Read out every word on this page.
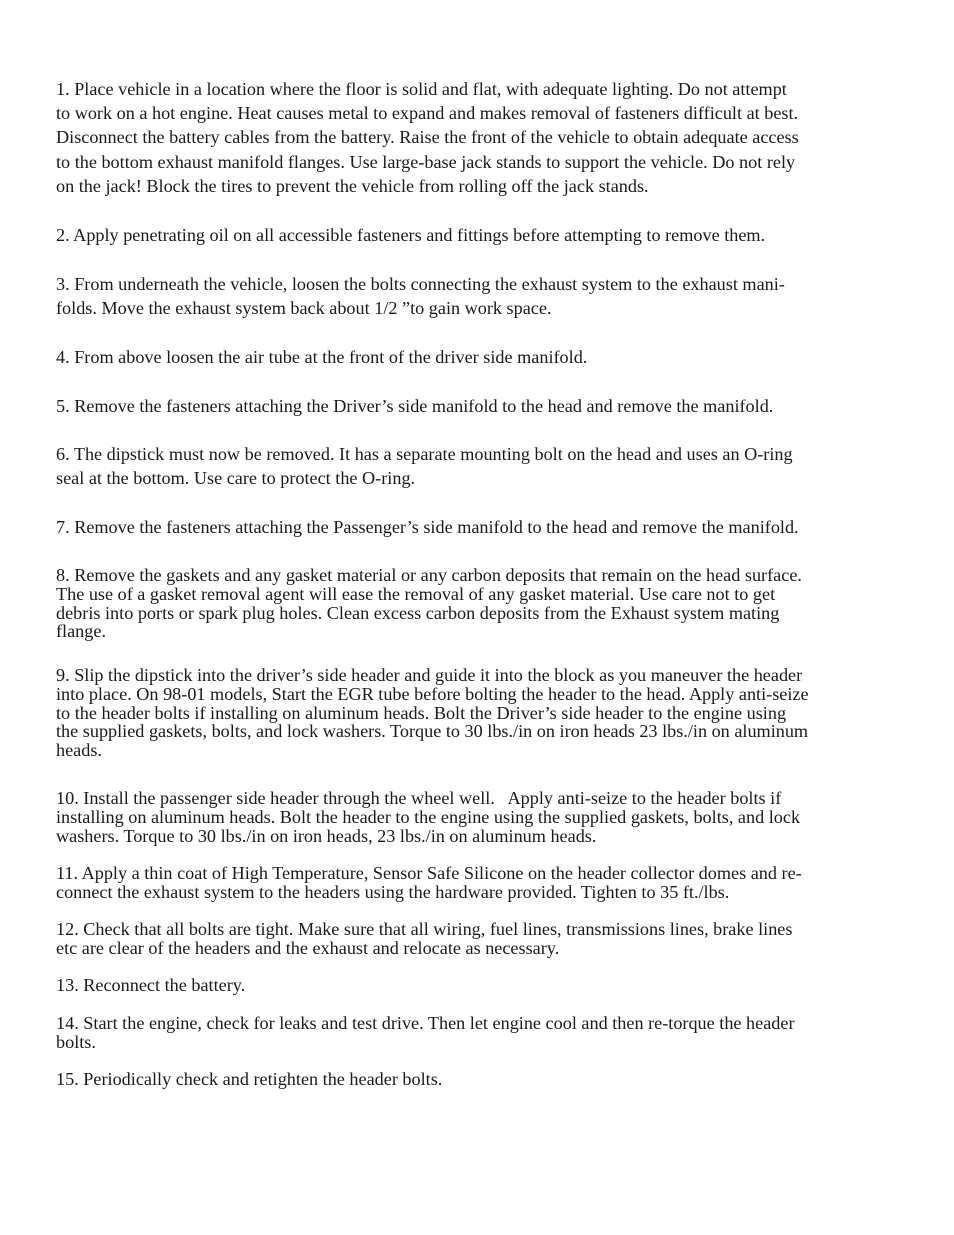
1. Place vehicle in a location where the floor is solid and flat, with adequate lighting. Do not attempt
to work on a hot engine. Heat causes metal to expand and makes removal of fasteners difficult at best.
Disconnect the battery cables from the battery. Raise the front of the vehicle to obtain adequate access
to the bottom exhaust manifold flanges. Use large-base jack stands to support the vehicle. Do not rely
on the jack! Block the tires to prevent the vehicle from rolling off the jack stands.

2. Apply penetrating oil on all accessible fasteners and fittings before attempting to remove them.

3. From underneath the vehicle, loosen the bolts connecting the exhaust system to the exhaust mani-
folds. Move the exhaust system back about 1/2 ”to gain work space.

4. From above loosen the air tube at the front of the driver side manifold.

5. Remove the fasteners attaching the Driver’s side manifold to the head and remove the manifold.

6. The dipstick must now be removed. It has a separate mounting bolt on the head and uses an O-ring
seal at the bottom. Use care to protect the O-ring.

7. Remove the fasteners attaching the Passenger’s side manifold to the head and remove the manifold.

8. Remove the gaskets and any gasket material or any carbon deposits that remain on the head surface.
The use of a gasket removal agent will ease the removal of any gasket material. Use care not to get
debris into ports or spark plug holes. Clean excess carbon deposits from the Exhaust system mating
flange.

9. Slip the dipstick into the driver’s side header and guide it into the block as you maneuver the header
into place. On 98-01 models, Start the EGR tube before bolting the header to the head. Apply anti-seize
to the header bolts if installing on aluminum heads. Bolt the Driver’s side header to the engine using
the supplied gaskets, bolts, and lock washers. Torque to 30 lbs./in on iron heads 23 lbs./in on aluminum
heads.

10. Install the passenger side header through the wheel well.   Apply anti-seize to the header bolts if
installing on aluminum heads. Bolt the header to the engine using the supplied gaskets, bolts, and lock
washers. Torque to 30 lbs./in on iron heads, 23 lbs./in on aluminum heads.

11. Apply a thin coat of High Temperature, Sensor Safe Silicone on the header collector domes and re-
connect the exhaust system to the headers using the hardware provided. Tighten to 35 ft./lbs.

12. Check that all bolts are tight. Make sure that all wiring, fuel lines, transmissions lines, brake lines
etc are clear of the headers and the exhaust and relocate as necessary.

13. Reconnect the battery.

14. Start the engine, check for leaks and test drive. Then let engine cool and then re-torque the header
bolts.

15. Periodically check and retighten the header bolts.
